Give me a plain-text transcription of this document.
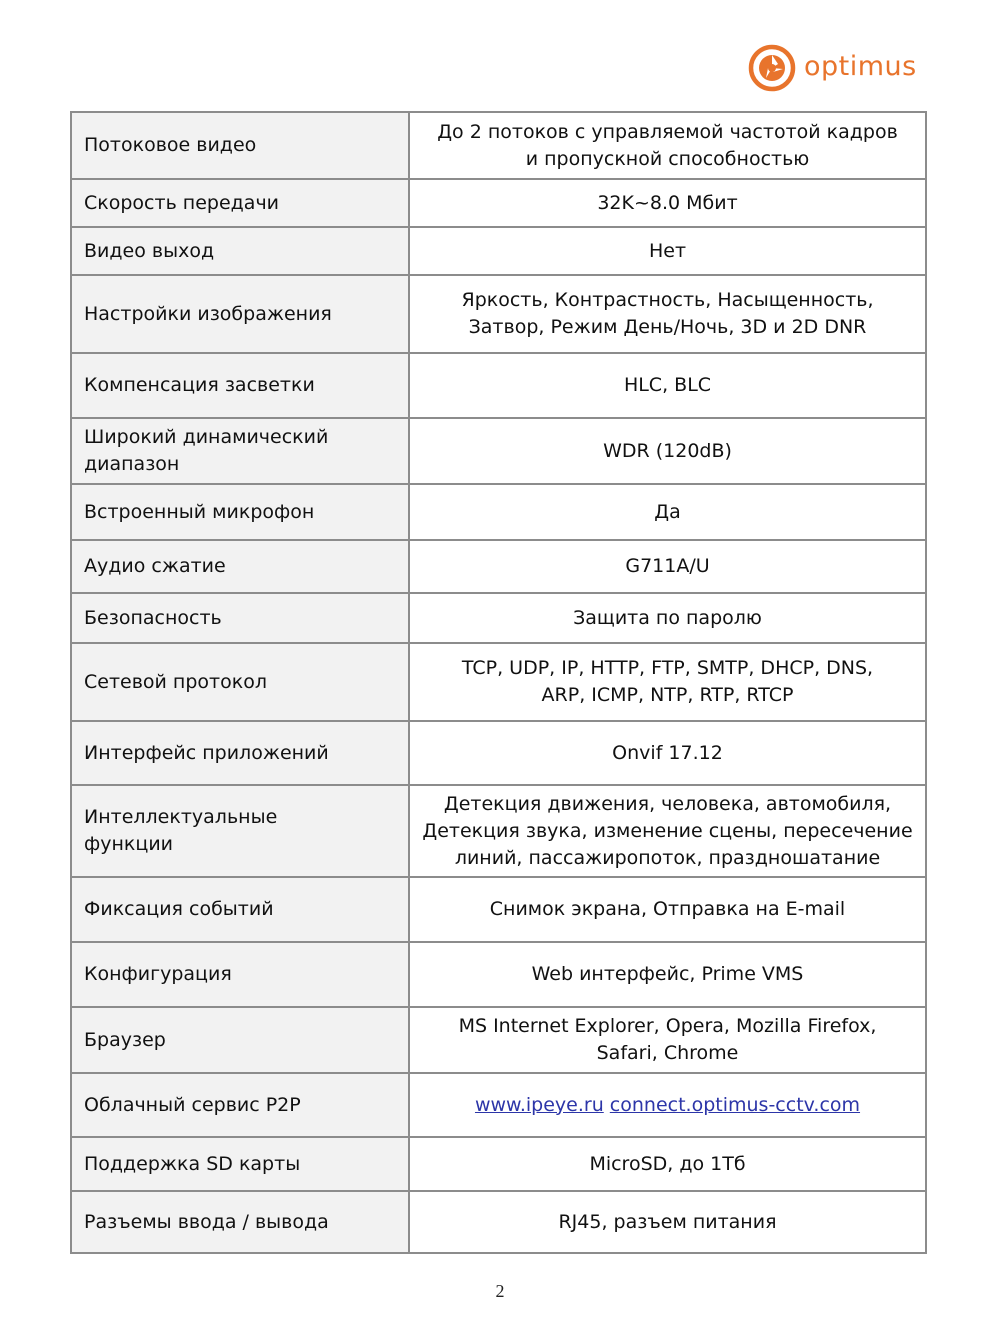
optimus
Потоковое видео	До 2 потоков с управляемой частотой кадров
и пропускной способностью

Скорость передачи	32K~8.0 Мбит

Видео выход	Нет

Настройки изображения	Яркость, Контрастность, Насыщенность,
Затвор, Режим День/Ночь, 3D и 2D DNR

Компенсация засветки	HLC, BLC

Широкий динамический
диапазон	WDR (120dB)

Встроенный микрофон	Да

Аудио сжатие	G711A/U

Безопасность	Защита по паролю

Сетевой протокол	TCP, UDP, IP, HTTP, FTP, SMTP, DHCP, DNS,
ARP, ICMP, NTP, RTP, RTCP

Интерфейс приложений	Onvif 17.12

Интеллектуальные
функции	Детекция движения, человека, автомобиля,
Детекция звука, изменение сцены, пересечение
линий, пассажиропоток, праздношатание

Фиксация событий	Снимок экрана, Отправка на E-mail

Конфигурация	Web интерфейс, Prime VMS

Браузер	MS Internet Explorer, Opera, Mozilla Firefox,
Safari, Chrome

Облачный сервис P2P	www.ipeye.ru connect.optimus-cctv.com

Поддержка SD карты	MicroSD, до 1Тб

Разъемы ввода / вывода	RJ45, разъем питания
2
